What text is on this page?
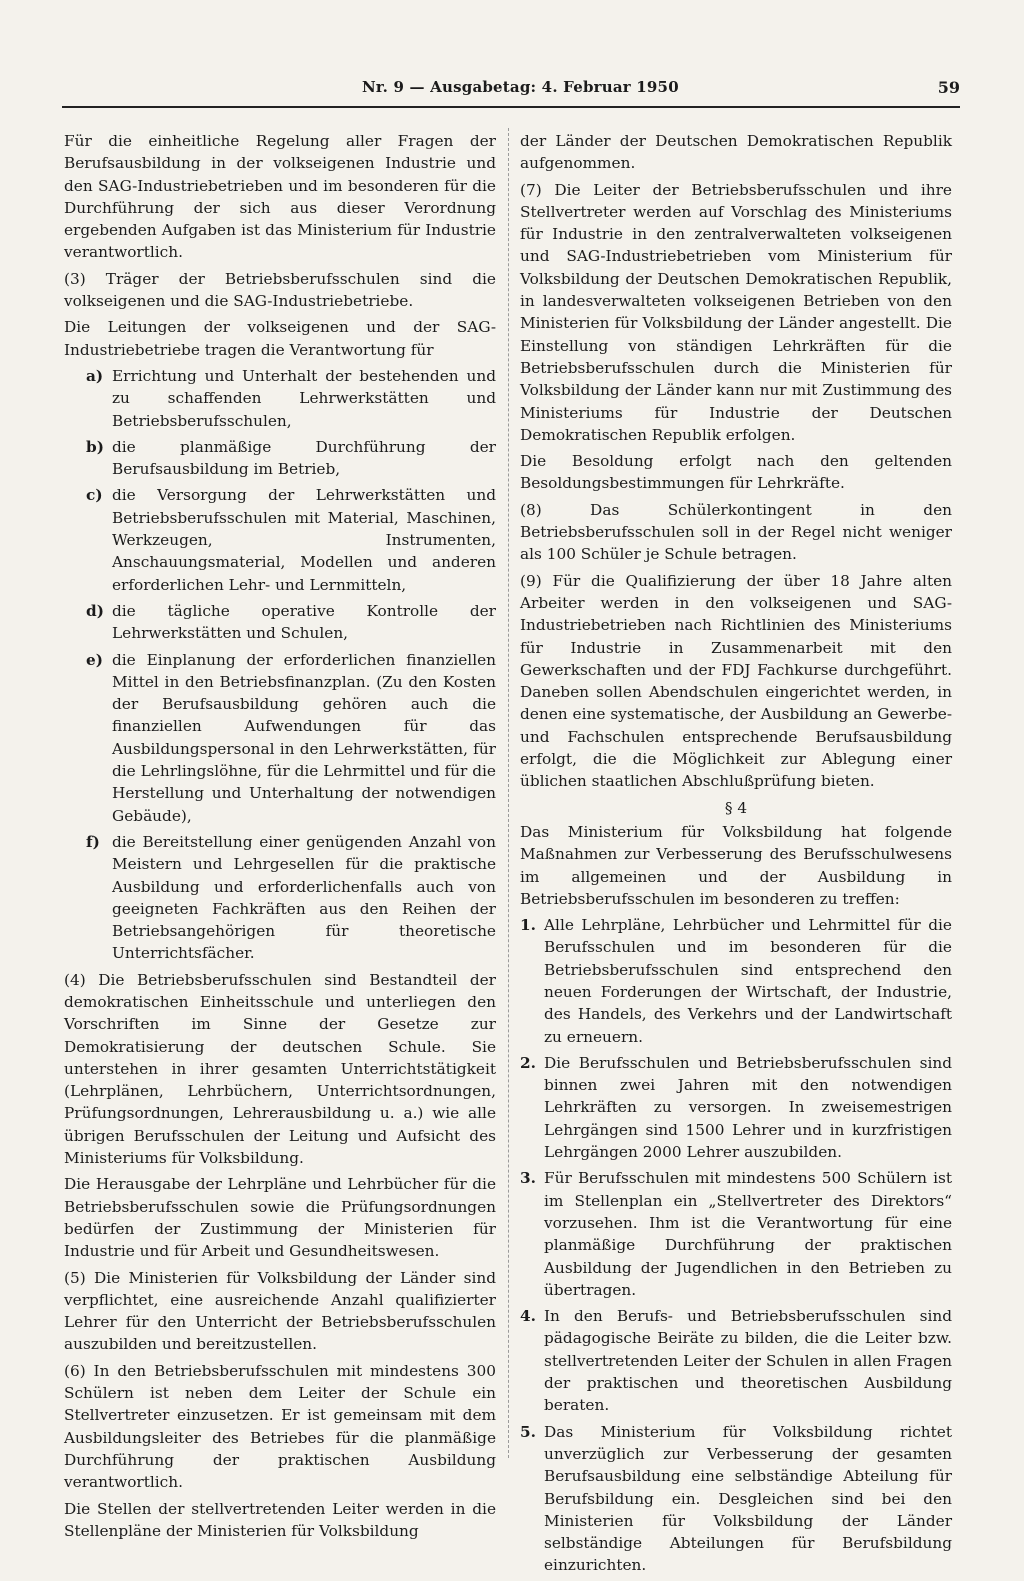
Nr. 9 — Ausgabetag: 4. Februar 1950	59

Für die einheitliche Regelung aller Fragen der Berufsausbildung in der volkseigenen Industrie und den SAG-Industriebetrieben und im besonderen für die Durchführung der sich aus dieser Verordnung ergebenden Aufgaben ist das Ministerium für Industrie verantwortlich.

(3) Träger der Betriebsberufsschulen sind die volkseigenen und die SAG-Industriebetriebe.

Die Leitungen der volkseigenen und der SAG-Industriebetriebe tragen die Verantwortung für

a) Errichtung und Unterhalt der bestehenden und zu schaffenden Lehrwerkstätten und Betriebsberufsschulen,
b) die planmäßige Durchführung der Berufsausbildung im Betrieb,
c) die Versorgung der Lehrwerkstätten und Betriebsberufsschulen mit Material, Maschinen, Werkzeugen, Instrumenten, Anschauungsmaterial, Modellen und anderen erforderlichen Lehr- und Lernmitteln,
d) die tägliche operative Kontrolle der Lehrwerkstätten und Schulen,
e) die Einplanung der erforderlichen finanziellen Mittel in den Betriebsfinanzplan. (Zu den Kosten der Berufsausbildung gehören auch die finanziellen Aufwendungen für das Ausbildungspersonal in den Lehrwerkstätten, für die Lehrlingslöhne, für die Lehrmittel und für die Herstellung und Unterhaltung der notwendigen Gebäude),
f) die Bereitstellung einer genügenden Anzahl von Meistern und Lehrgesellen für die praktische Ausbildung und erforderlichenfalls auch von geeigneten Fachkräften aus den Reihen der Betriebsangehörigen für theoretische Unterrichtsfächer.

(4) Die Betriebsberufsschulen sind Bestandteil der demokratischen Einheitsschule und unterliegen den Vorschriften im Sinne der Gesetze zur Demokratisierung der deutschen Schule. Sie unterstehen in ihrer gesamten Unterrichtstätigkeit (Lehrplänen, Lehrbüchern, Unterrichtsordnungen, Prüfungsordnungen, Lehrerausbildung u. a.) wie alle übrigen Berufsschulen der Leitung und Aufsicht des Ministeriums für Volksbildung.

Die Herausgabe der Lehrpläne und Lehrbücher für die Betriebsberufsschulen sowie die Prüfungsordnungen bedürfen der Zustimmung der Ministerien für Industrie und für Arbeit und Gesundheitswesen.

(5) Die Ministerien für Volksbildung der Länder sind verpflichtet, eine ausreichende Anzahl qualifizierter Lehrer für den Unterricht der Betriebsberufsschulen auszubilden und bereitzustellen.

(6) In den Betriebsberufsschulen mit mindestens 300 Schülern ist neben dem Leiter der Schule ein Stellvertreter einzusetzen. Er ist gemeinsam mit dem Ausbildungsleiter des Betriebes für die planmäßige Durchführung der praktischen Ausbildung verantwortlich.

Die Stellen der stellvertretenden Leiter werden in die Stellenpläne der Ministerien für Volksbildung

der Länder der Deutschen Demokratischen Republik aufgenommen.

(7) Die Leiter der Betriebsberufsschulen und ihre Stellvertreter werden auf Vorschlag des Ministeriums für Industrie in den zentralverwalteten volkseigenen und SAG-Industriebetrieben vom Ministerium für Volksbildung der Deutschen Demokratischen Republik, in landesverwalteten volkseigenen Betrieben von den Ministerien für Volksbildung der Länder angestellt. Die Einstellung von ständigen Lehrkräften für die Betriebsberufsschulen durch die Ministerien für Volksbildung der Länder kann nur mit Zustimmung des Ministeriums für Industrie der Deutschen Demokratischen Republik erfolgen.

Die Besoldung erfolgt nach den geltenden Besoldungsbestimmungen für Lehrkräfte.

(8) Das Schülerkontingent in den Betriebsberufsschulen soll in der Regel nicht weniger als 100 Schüler je Schule betragen.

(9) Für die Qualifizierung der über 18 Jahre alten Arbeiter werden in den volkseigenen und SAG-Industriebetrieben nach Richtlinien des Ministeriums für Industrie in Zusammenarbeit mit den Gewerkschaften und der FDJ Fachkurse durchgeführt. Daneben sollen Abendschulen eingerichtet werden, in denen eine systematische, der Ausbildung an Gewerbe- und Fachschulen entsprechende Berufsausbildung erfolgt, die die Möglichkeit zur Ablegung einer üblichen staatlichen Abschlußprüfung bieten.

§ 4

Das Ministerium für Volksbildung hat folgende Maßnahmen zur Verbesserung des Berufsschulwesens im allgemeinen und der Ausbildung in Betriebsberufsschulen im besonderen zu treffen:

1. Alle Lehrpläne, Lehrbücher und Lehrmittel für die Berufsschulen und im besonderen für die Betriebsberufsschulen sind entsprechend den neuen Forderungen der Wirtschaft, der Industrie, des Handels, des Verkehrs und der Landwirtschaft zu erneuern.
2. Die Berufsschulen und Betriebsberufsschulen sind binnen zwei Jahren mit den notwendigen Lehrkräften zu versorgen. In zweisemestrigen Lehrgängen sind 1500 Lehrer und in kurzfristigen Lehrgängen 2000 Lehrer auszubilden.
3. Für Berufsschulen mit mindestens 500 Schülern ist im Stellenplan ein „Stellvertreter des Direktors“ vorzusehen. Ihm ist die Verantwortung für eine planmäßige Durchführung der praktischen Ausbildung der Jugendlichen in den Betrieben zu übertragen.
4. In den Berufs- und Betriebsberufsschulen sind pädagogische Beiräte zu bilden, die die Leiter bzw. stellvertretenden Leiter der Schulen in allen Fragen der praktischen und theoretischen Ausbildung beraten.
5. Das Ministerium für Volksbildung richtet unverzüglich zur Verbesserung der gesamten Berufsausbildung eine selbständige Abteilung für Berufsbildung ein. Desgleichen sind bei den Ministerien für Volksbildung der Länder selbständige Abteilungen für Berufsbildung einzurichten.
